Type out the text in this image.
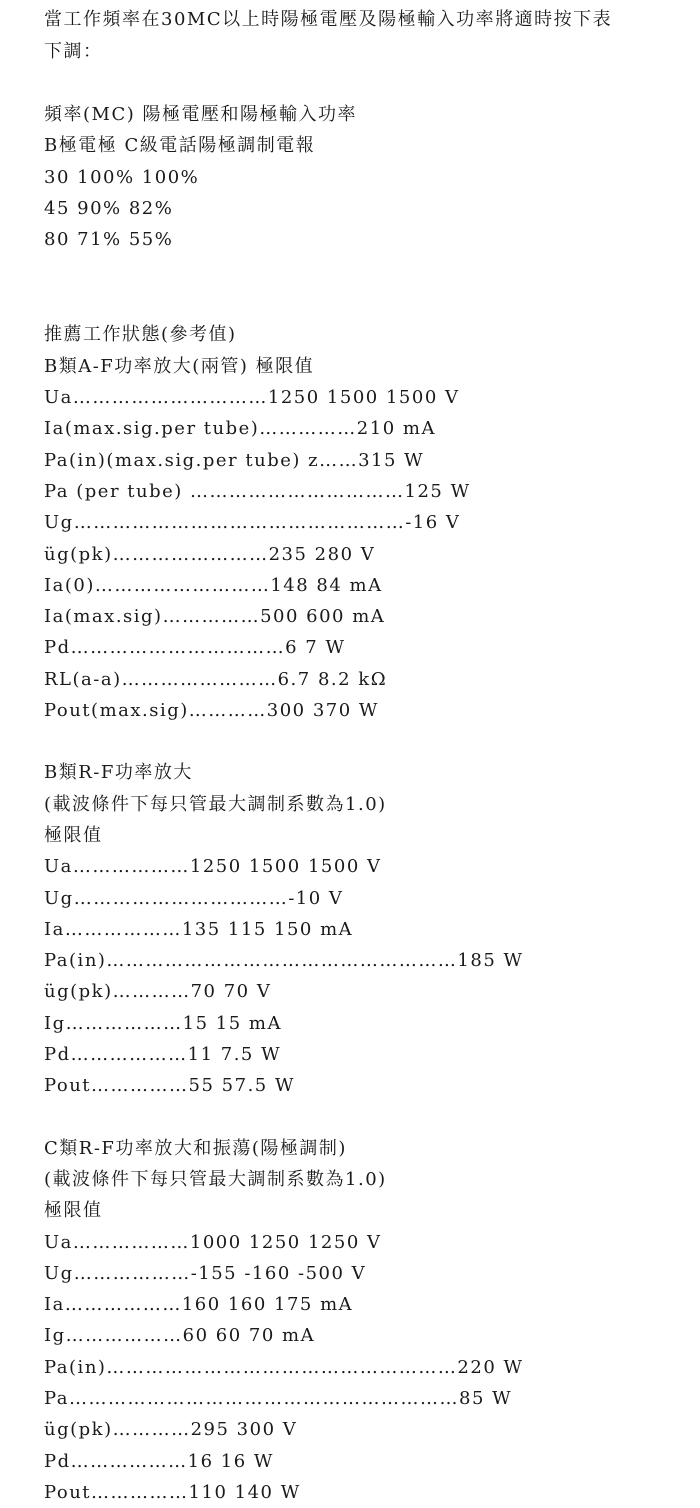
當工作頻率在30MC以上時陽極電壓及陽極輸入功率將適時按下表
下調：
頻率(MC) 陽極電壓和陽極輸入功率
B極電極 C級電話陽極調制電報
30 100% 100%
45 90% 82%
80 71% 55%
推薦工作狀態(參考值)
B類A-F功率放大(兩管) 極限值
Ua…………………………1250 1500 1500 V
Ia(max.sig.per tube)……………210 mA
Pa(in)(max.sig.per tube) z……315 W
Pa (per tube) ……………………………125 W
Ug……………………………………………-16 V
üg(pk)……………………235 280 V
Ia(0)………………………148 84 mA
Ia(max.sig)……………500 600 mA
Pd……………………………6 7 W
RL(a-a)……………………6.7 8.2 kΩ
Pout(max.sig)…………300 370 W
B類R-F功率放大
(載波條件下每只管最大調制系數為1.0)
極限值
Ua………………1250 1500 1500 V
Ug……………………………-10 V
Ia………………135 115 150 mA
Pa(in)………………………………………………185 W
üg(pk)…………70 70 V
Ig………………15 15 mA
Pd………………11 7.5 W
Pout……………55 57.5 W
C類R-F功率放大和振蕩(陽極調制)
(載波條件下每只管最大調制系數為1.0)
極限值
Ua………………1000 1250 1250 V
Ug………………-155 -160 -500 V
Ia………………160 160 175 mA
Ig………………60 60 70 mA
Pa(in)………………………………………………220 W
Pa……………………………………………………85 W
üg(pk)…………295 300 V
Pd………………16 16 W
Pout……………110 140 W
